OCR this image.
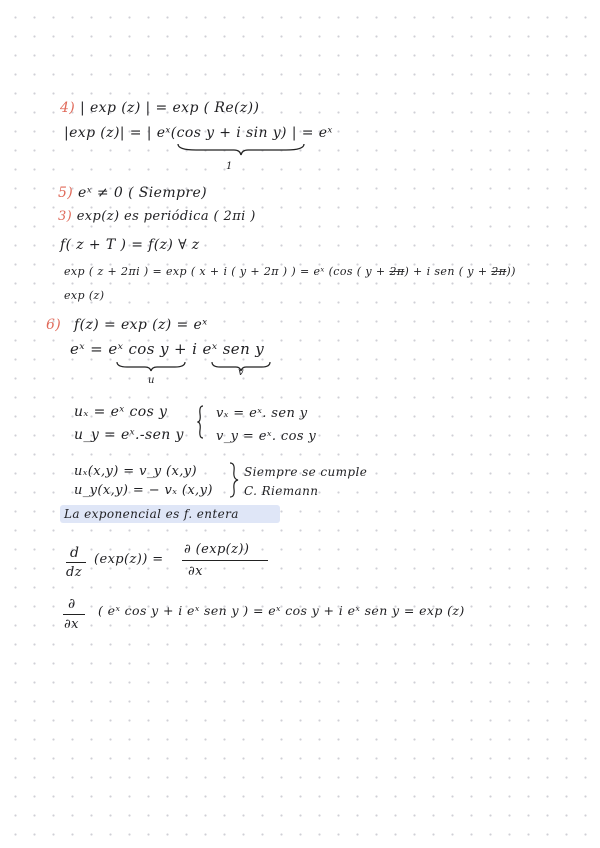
4) | exp (z) | = exp ( Re(z))
|exp (z)| = | eˣ(cos y + i sin y) | = eˣ
1
5) eˣ ≠ 0 ( Siempre)
3) exp(z) es periódica ( 2πi )
f( z + T ) = f(z) ∀ z
exp ( z + 2πi ) = exp ( x + i ( y + 2π ) ) = eˣ (cos ( y + 2π) + i sen ( y + 2π))
exp (z)
6) f(z) = exp (z) = eˣ
eˣ = eˣ cos y + i eˣ sen y
u
v
uₓ = eˣ cos y
u_y = eˣ.-sen y
vₓ = eˣ. sen y
v_y = eˣ. cos y
uₓ(x,y) = v_y (x,y)
u_y(x,y) = − vₓ (x,y)
Siempre se cumple
C. Riemann
La exponencial es f. entera
d
dz
(exp(z)) =
∂ (exp(z))
∂x
∂
∂x
( eˣ cos y + i eˣ sen y ) = eˣ cos y + i eˣ sen y = exp (z)
